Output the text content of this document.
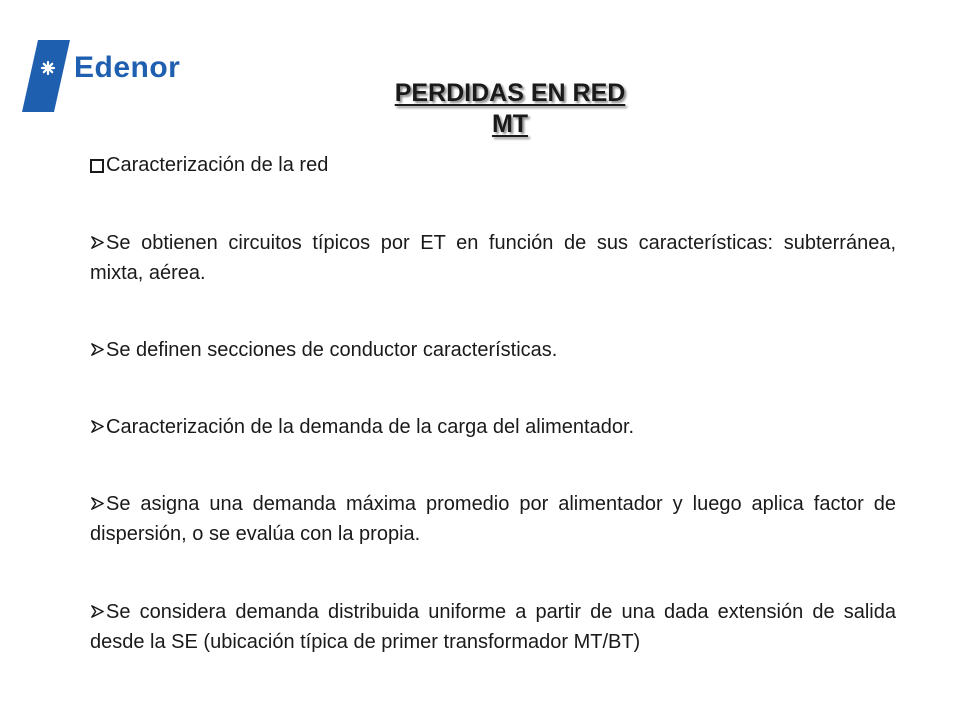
Edenor
PERDIDAS EN RED
MT

Caracterización de la red

Se obtienen circuitos típicos por ET en función de sus características: subterránea, mixta, aérea.

Se definen secciones de conductor características.

Caracterización de la demanda de la carga del alimentador.

Se asigna una demanda máxima promedio por alimentador y luego aplica factor de dispersión, o se evalúa con la propia.

Se considera demanda distribuida uniforme a partir de una dada extensión de salida desde la SE (ubicación típica de primer transformador MT/BT)
